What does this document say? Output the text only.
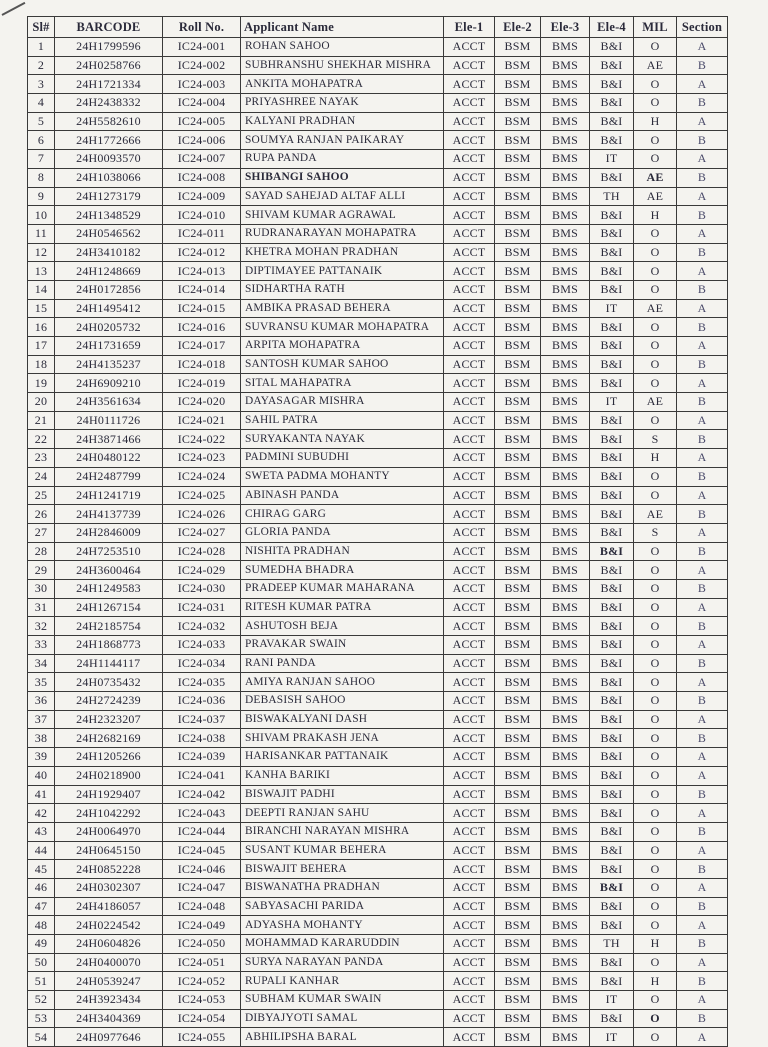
Sl#	BARCODE	Roll No.	Applicant Name	Ele-1	Ele-2	Ele-3	Ele-4	MIL	Section
1	24H1799596	IC24-001	ROHAN SAHOO	ACCT	BSM	BMS	B&I	O	A
2	24H0258766	IC24-002	SUBHRANSHU SHEKHAR MISHRA	ACCT	BSM	BMS	B&I	AE	B
3	24H1721334	IC24-003	ANKITA MOHAPATRA	ACCT	BSM	BMS	B&I	O	A
4	24H2438332	IC24-004	PRIYASHREE NAYAK	ACCT	BSM	BMS	B&I	O	B
5	24H5582610	IC24-005	KALYANI PRADHAN	ACCT	BSM	BMS	B&I	H	A
6	24H1772666	IC24-006	SOUMYA RANJAN PAIKARAY	ACCT	BSM	BMS	B&I	O	B
7	24H0093570	IC24-007	RUPA PANDA	ACCT	BSM	BMS	IT	O	A
8	24H1038066	IC24-008	SHIBANGI SAHOO	ACCT	BSM	BMS	B&I	AE	B
9	24H1273179	IC24-009	SAYAD SAHEJAD ALTAF ALLI	ACCT	BSM	BMS	TH	AE	A
10	24H1348529	IC24-010	SHIVAM KUMAR AGRAWAL	ACCT	BSM	BMS	B&I	H	B
11	24H0546562	IC24-011	RUDRANARAYAN MOHAPATRA	ACCT	BSM	BMS	B&I	O	A
12	24H3410182	IC24-012	KHETRA MOHAN PRADHAN	ACCT	BSM	BMS	B&I	O	B
13	24H1248669	IC24-013	DIPTIMAYEE PATTANAIK	ACCT	BSM	BMS	B&I	O	A
14	24H0172856	IC24-014	SIDHARTHA RATH	ACCT	BSM	BMS	B&I	O	B
15	24H1495412	IC24-015	AMBIKA PRASAD BEHERA	ACCT	BSM	BMS	IT	AE	A
16	24H0205732	IC24-016	SUVRANSU KUMAR MOHAPATRA	ACCT	BSM	BMS	B&I	O	B
17	24H1731659	IC24-017	ARPITA MOHAPATRA	ACCT	BSM	BMS	B&I	O	A
18	24H4135237	IC24-018	SANTOSH KUMAR SAHOO	ACCT	BSM	BMS	B&I	O	B
19	24H6909210	IC24-019	SITAL MAHAPATRA	ACCT	BSM	BMS	B&I	O	A
20	24H3561634	IC24-020	DAYASAGAR MISHRA	ACCT	BSM	BMS	IT	AE	B
21	24H0111726	IC24-021	SAHIL PATRA	ACCT	BSM	BMS	B&I	O	A
22	24H3871466	IC24-022	SURYAKANTA NAYAK	ACCT	BSM	BMS	B&I	S	B
23	24H0480122	IC24-023	PADMINI SUBUDHI	ACCT	BSM	BMS	B&I	H	A
24	24H2487799	IC24-024	SWETA PADMA MOHANTY	ACCT	BSM	BMS	B&I	O	B
25	24H1241719	IC24-025	ABINASH PANDA	ACCT	BSM	BMS	B&I	O	A
26	24H4137739	IC24-026	CHIRAG GARG	ACCT	BSM	BMS	B&I	AE	B
27	24H2846009	IC24-027	GLORIA PANDA	ACCT	BSM	BMS	B&I	S	A
28	24H7253510	IC24-028	NISHITA PRADHAN	ACCT	BSM	BMS	B&I	O	B
29	24H3600464	IC24-029	SUMEDHA BHADRA	ACCT	BSM	BMS	B&I	O	A
30	24H1249583	IC24-030	PRADEEP KUMAR MAHARANA	ACCT	BSM	BMS	B&I	O	B
31	24H1267154	IC24-031	RITESH KUMAR PATRA	ACCT	BSM	BMS	B&I	O	A
32	24H2185754	IC24-032	ASHUTOSH BEJA	ACCT	BSM	BMS	B&I	O	B
33	24H1868773	IC24-033	PRAVAKAR SWAIN	ACCT	BSM	BMS	B&I	O	A
34	24H1144117	IC24-034	RANI PANDA	ACCT	BSM	BMS	B&I	O	B
35	24H0735432	IC24-035	AMIYA RANJAN SAHOO	ACCT	BSM	BMS	B&I	O	A
36	24H2724239	IC24-036	DEBASISH SAHOO	ACCT	BSM	BMS	B&I	O	B
37	24H2323207	IC24-037	BISWAKALYANI DASH	ACCT	BSM	BMS	B&I	O	A
38	24H2682169	IC24-038	SHIVAM PRAKASH JENA	ACCT	BSM	BMS	B&I	O	B
39	24H1205266	IC24-039	HARISANKAR PATTANAIK	ACCT	BSM	BMS	B&I	O	A
40	24H0218900	IC24-041	KANHA BARIKI	ACCT	BSM	BMS	B&I	O	A
41	24H1929407	IC24-042	BISWAJIT PADHI	ACCT	BSM	BMS	B&I	O	B
42	24H1042292	IC24-043	DEEPTI RANJAN SAHU	ACCT	BSM	BMS	B&I	O	A
43	24H0064970	IC24-044	BIRANCHI NARAYAN MISHRA	ACCT	BSM	BMS	B&I	O	B
44	24H0645150	IC24-045	SUSANT KUMAR BEHERA	ACCT	BSM	BMS	B&I	O	A
45	24H0852228	IC24-046	BISWAJIT BEHERA	ACCT	BSM	BMS	B&I	O	B
46	24H0302307	IC24-047	BISWANATHA PRADHAN	ACCT	BSM	BMS	B&I	O	A
47	24H4186057	IC24-048	SABYASACHI PARIDA	ACCT	BSM	BMS	B&I	O	B
48	24H0224542	IC24-049	ADYASHA MOHANTY	ACCT	BSM	BMS	B&I	O	A
49	24H0604826	IC24-050	MOHAMMAD KARARUDDIN	ACCT	BSM	BMS	TH	H	B
50	24H0400070	IC24-051	SURYA NARAYAN PANDA	ACCT	BSM	BMS	B&I	O	A
51	24H0539247	IC24-052	RUPALI KANHAR	ACCT	BSM	BMS	B&I	H	B
52	24H3923434	IC24-053	SUBHAM KUMAR SWAIN	ACCT	BSM	BMS	IT	O	A
53	24H3404369	IC24-054	DIBYAJYOTI SAMAL	ACCT	BSM	BMS	B&I	O	B
54	24H0977646	IC24-055	ABHILIPSHA BARAL	ACCT	BSM	BMS	IT	O	A
